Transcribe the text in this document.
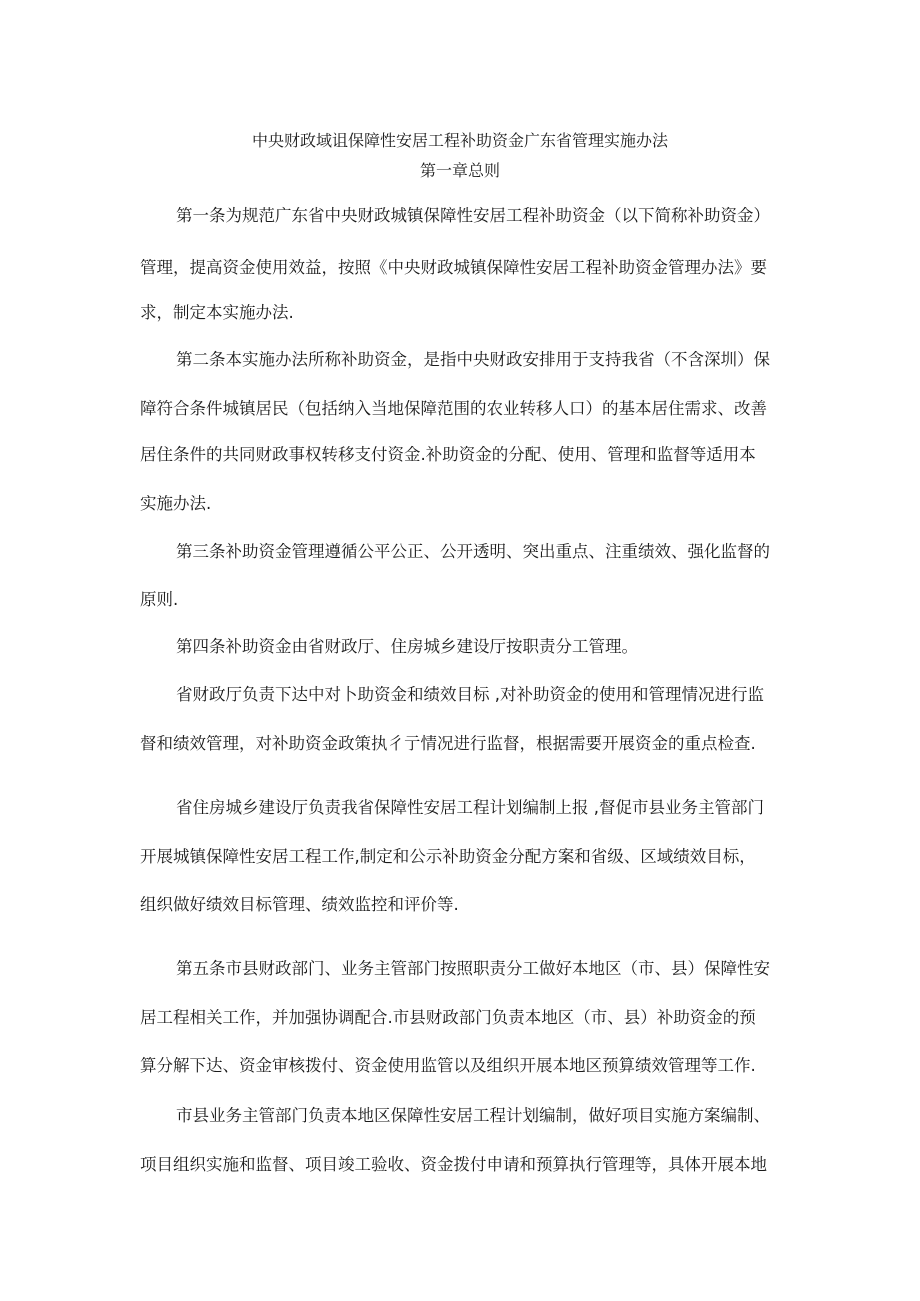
中央财政域诅保障性安居工程补助资金广东省管理实施办法
第一章总则
第一条为规范广东省中央财政城镇保障性安居工程补助资金（以下简称补助资金）
管理，提高资金使用效益，按照《中央财政城镇保障性安居工程补助资金管理办法》要
求，制定本实施办法.
第二条本实施办法所称补助资金，是指中央财政安排用于支持我省（不含深圳）保
障符合条件城镇居民（包括纳入当地保障范围的农业转移人口）的基本居住需求、改善
居住条件的共同财政事权转移支付资金.补助资金的分配、使用、管理和监督等适用本
实施办法.
第三条补助资金管理遵循公平公正、公开透明、突出重点、注重绩效、强化监督的
原则.
第四条补助资金由省财政厅、住房城乡建设厅按职责分工管理。
省财政厅负责下达中对卜助资金和绩效目标 ,对补助资金的使用和管理情况进行监
督和绩效管理，对补助资金政策执彳亍情况进行监督，根据需要开展资金的重点检查.
省住房城乡建设厅负责我省保障性安居工程计划编制上报 ,督促市县业务主管部门
开展城镇保障性安居工程工作,制定和公示补助资金分配方案和省级、区域绩效目标，
组织做好绩效目标管理、绩效监控和评价等.
第五条市县财政部门、业务主管部门按照职责分工做好本地区（市、县）保障性安
居工程相关工作，并加强协调配合.市县财政部门负责本地区（市、县）补助资金的预
算分解下达、资金审核拨付、资金使用监管以及组织开展本地区预算绩效管理等工作.
市县业务主管部门负责本地区保障性安居工程计划编制，做好项目实施方案编制、
项目组织实施和监督、项目竣工验收、资金拨付申请和预算执行管理等，具体开展本地
